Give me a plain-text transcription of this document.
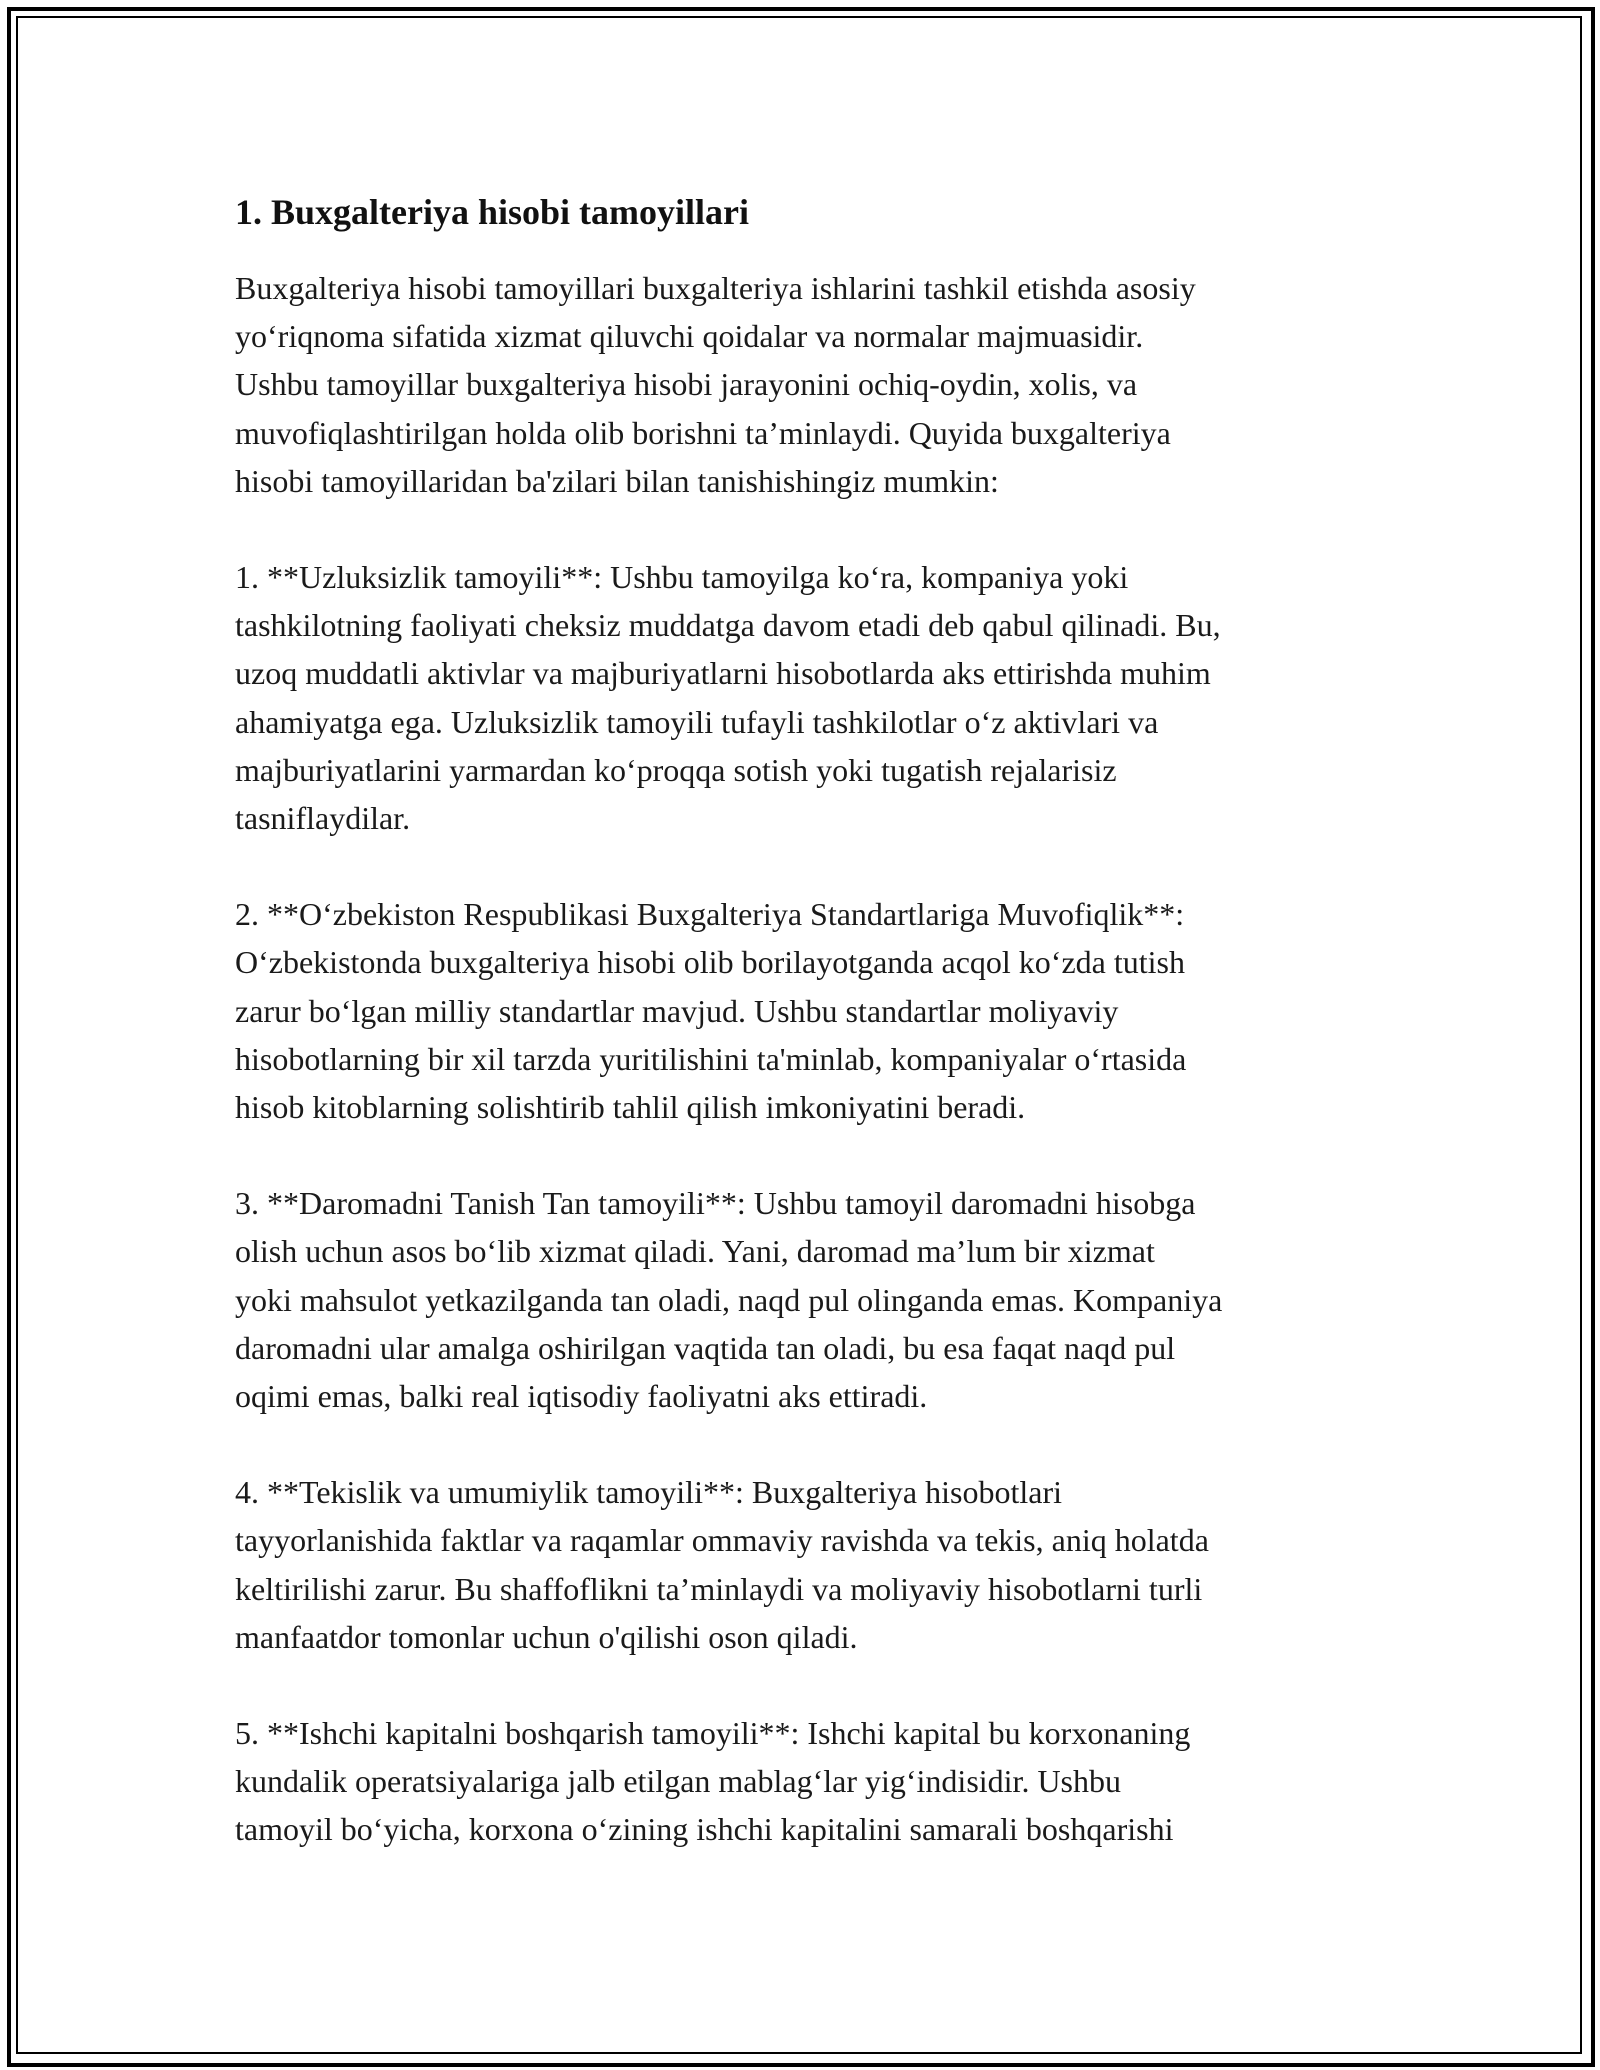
1. Buxgalteriya hisobi tamoyillari

Buxgalteriya hisobi tamoyillari buxgalteriya ishlarini tashkil etishda asosiy
yo‘riqnoma sifatida xizmat qiluvchi qoidalar va normalar majmuasidir.
Ushbu tamoyillar buxgalteriya hisobi jarayonini ochiq-oydin, xolis, va
muvofiqlashtirilgan holda olib borishni ta’minlaydi. Quyida buxgalteriya
hisobi tamoyillaridan ba'zilari bilan tanishishingiz mumkin:

1. **Uzluksizlik tamoyili**: Ushbu tamoyilga ko‘ra, kompaniya yoki
tashkilotning faoliyati cheksiz muddatga davom etadi deb qabul qilinadi. Bu,
uzoq muddatli aktivlar va majburiyatlarni hisobotlarda aks ettirishda muhim
ahamiyatga ega. Uzluksizlik tamoyili tufayli tashkilotlar o‘z aktivlari va
majburiyatlarini yarmardan ko‘proqqa sotish yoki tugatish rejalarisiz
tasniflaydilar.

2. **O‘zbekiston Respublikasi Buxgalteriya Standartlariga Muvofiqlik**:
O‘zbekistonda buxgalteriya hisobi olib borilayotganda acqol ko‘zda tutish
zarur bo‘lgan milliy standartlar mavjud. Ushbu standartlar moliyaviy
hisobotlarning bir xil tarzda yuritilishini ta'minlab, kompaniyalar o‘rtasida
hisob kitoblarning solishtirib tahlil qilish imkoniyatini beradi.

3. **Daromadni Tanish Tan tamoyili**: Ushbu tamoyil daromadni hisobga
olish uchun asos bo‘lib xizmat qiladi. Yani, daromad ma’lum bir xizmat
yoki mahsulot yetkazilganda tan oladi, naqd pul olinganda emas. Kompaniya
daromadni ular amalga oshirilgan vaqtida tan oladi, bu esa faqat naqd pul
oqimi emas, balki real iqtisodiy faoliyatni aks ettiradi.

4. **Tekislik va umumiylik tamoyili**: Buxgalteriya hisobotlari
tayyorlanishida faktlar va raqamlar ommaviy ravishda va tekis, aniq holatda
keltirilishi zarur. Bu shaffoflikni ta’minlaydi va moliyaviy hisobotlarni turli
manfaatdor tomonlar uchun o'qilishi oson qiladi.

5. **Ishchi kapitalni boshqarish tamoyili**: Ishchi kapital bu korxonaning
kundalik operatsiyalariga jalb etilgan mablag‘lar yig‘indisidir. Ushbu
tamoyil bo‘yicha, korxona o‘zining ishchi kapitalini samarali boshqarishi
